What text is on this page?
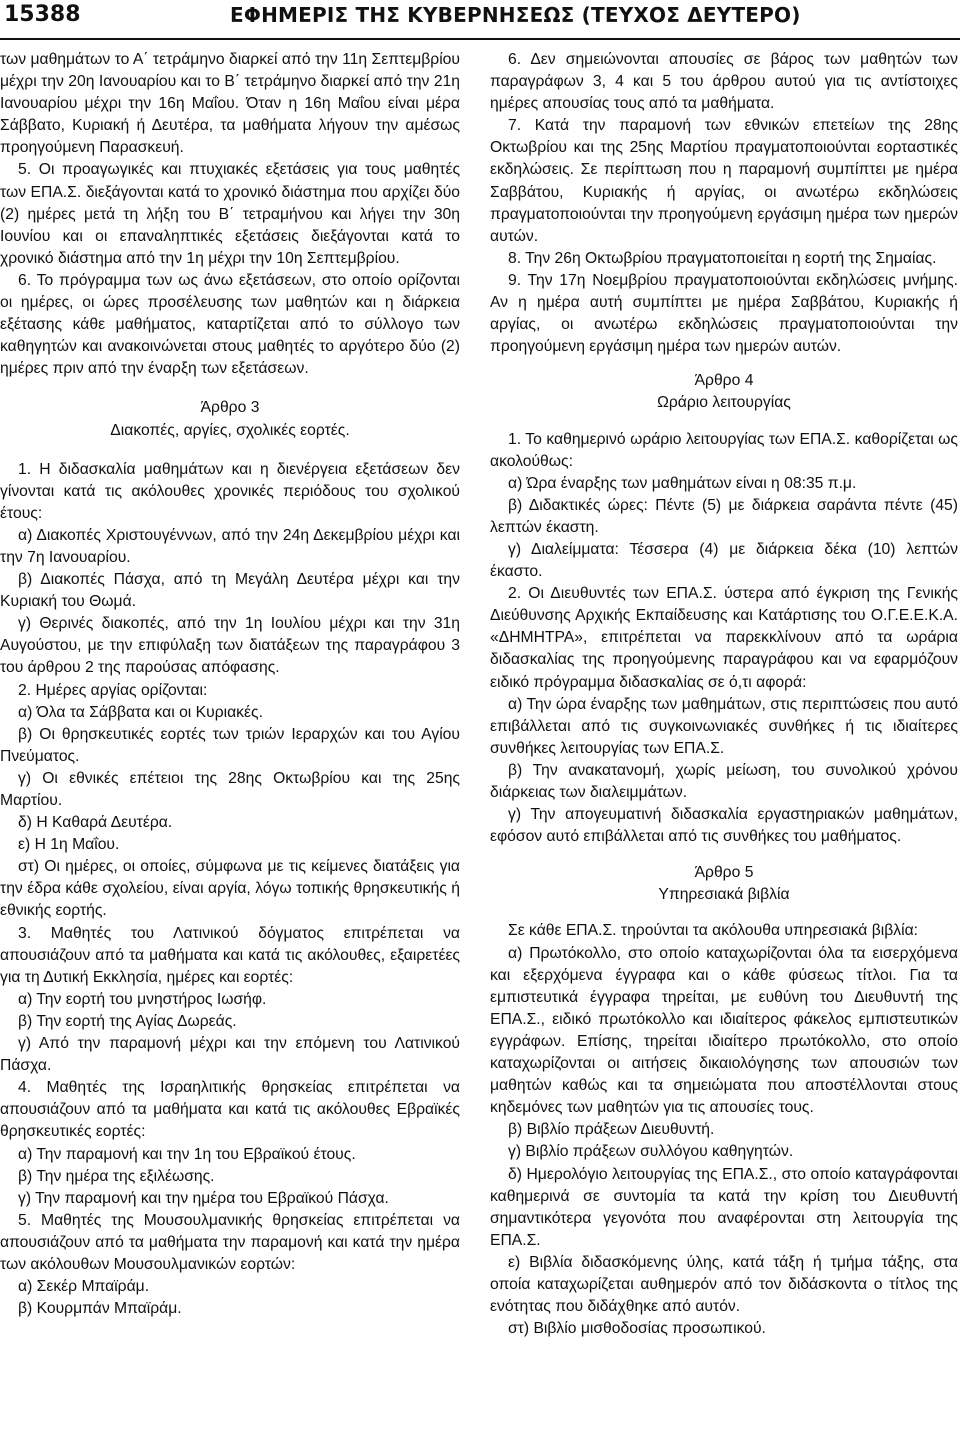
15388	ΕΦΗΜΕΡΙΣ ΤΗΣ ΚΥΒΕΡΝΗΣΕΩΣ (ΤΕΥΧΟΣ ΔΕΥΤΕΡΟ)

των μαθημάτων το Α΄ τετράμηνο διαρκεί από την 11η Σεπτεμβρίου μέχρι την 20η Ιανουαρίου και το Β΄ τετράμηνο διαρκεί από την 21η Ιανουαρίου μέχρι την 16η Μαΐου. Όταν η 16η Μαΐου είναι μέρα Σάββατο, Κυριακή ή Δευτέρα, τα μαθήματα λήγουν την αμέσως προηγούμενη Παρασκευή.

5. Οι προαγωγικές και πτυχιακές εξετάσεις για τους μαθητές των ΕΠΑ.Σ. διεξάγονται κατά το χρονικό διάστημα που αρχίζει δύο (2) ημέρες μετά τη λήξη του Β΄ τετραμήνου και λήγει την 30η Ιουνίου και οι επαναληπτικές εξετάσεις διεξάγονται κατά το χρονικό διάστημα από την 1η μέχρι την 10η Σεπτεμβρίου.

6. Το πρόγραμμα των ως άνω εξετάσεων, στο οποίο ορίζονται οι ημέρες, οι ώρες προσέλευσης των μαθητών και η διάρκεια εξέτασης κάθε μαθήματος, καταρτίζεται από το σύλλογο των καθηγητών και ανακοινώνεται στους μαθητές το αργότερο δύο (2) ημέρες πριν από την έναρξη των εξετάσεων.

Άρθρο 3

Διακοπές, αργίες, σχολικές εορτές.

1. Η διδασκαλία μαθημάτων και η διενέργεια εξετάσεων δεν γίνονται κατά τις ακόλουθες χρονικές περιόδους του σχολικού έτους:

α) Διακοπές Χριστουγέννων, από την 24η Δεκεμβρίου μέχρι και την 7η Ιανουαρίου.

β) Διακοπές Πάσχα, από τη Μεγάλη Δευτέρα μέχρι και την Κυριακή του Θωμά.

γ) Θερινές διακοπές, από την 1η Ιουλίου μέχρι και την 31η Αυγούστου, με την επιφύλαξη των διατάξεων της παραγράφου 3 του άρθρου 2 της παρούσας απόφασης.

2. Ημέρες αργίας ορίζονται:

α) Όλα τα Σάββατα και οι Κυριακές.

β) Οι θρησκευτικές εορτές των τριών Ιεραρχών και του Αγίου Πνεύματος.

γ) Οι εθνικές επέτειοι της 28ης Οκτωβρίου και της 25ης Μαρτίου.

δ) Η Καθαρά Δευτέρα.

ε) Η 1η Μαΐου.

στ) Οι ημέρες, οι οποίες, σύμφωνα με τις κείμενες διατάξεις για την έδρα κάθε σχολείου, είναι αργία, λόγω τοπικής θρησκευτικής ή εθνικής εορτής.

3. Μαθητές του Λατινικού δόγματος επιτρέπεται να απουσιάζουν από τα μαθήματα και κατά τις ακόλουθες, εξαιρετέες για τη Δυτική Εκκλησία, ημέρες και εορτές:

α) Την εορτή του μνηστήρος Ιωσήφ.

β) Την εορτή της Αγίας Δωρεάς.

γ) Από την παραμονή μέχρι και την επόμενη του Λατινικού Πάσχα.

4. Μαθητές της Ισραηλιτικής θρησκείας επιτρέπεται να απουσιάζουν από τα μαθήματα και κατά τις ακόλουθες Εβραϊκές θρησκευτικές εορτές:

α) Την παραμονή και την 1η του Εβραϊκού έτους.

β) Την ημέρα της εξιλέωσης.

γ) Την παραμονή και την ημέρα του Εβραϊκού Πάσχα.

5. Μαθητές της Μουσουλμανικής θρησκείας επιτρέπεται να απουσιάζουν από τα μαθήματα την παραμονή και κατά την ημέρα των ακόλουθων Μουσουλμανικών εορτών:

α) Σεκέρ Μπαϊράμ.

β) Κουρμπάν Μπαϊράμ.

6. Δεν σημειώνονται απουσίες σε βάρος των μαθητών των παραγράφων 3, 4 και 5 του άρθρου αυτού για τις αντίστοιχες ημέρες απουσίας τους από τα μαθήματα.

7. Κατά την παραμονή των εθνικών επετείων της 28ης Οκτωβρίου και της 25ης Μαρτίου πραγματοποιούνται εορταστικές εκδηλώσεις. Σε περίπτωση που η παραμονή συμπίπτει με ημέρα Σαββάτου, Κυριακής ή αργίας, οι ανωτέρω εκδηλώσεις πραγματοποιούνται την προηγούμενη εργάσιμη ημέρα των ημερών αυτών.

8. Την 26η Οκτωβρίου πραγματοποιείται η εορτή της Σημαίας.

9. Την 17η Νοεμβρίου πραγματοποιούνται εκδηλώσεις μνήμης. Αν η ημέρα αυτή συμπίπτει με ημέρα Σαββάτου, Κυριακής ή αργίας, οι ανωτέρω εκδηλώσεις πραγματοποιούνται την προηγούμενη εργάσιμη ημέρα των ημερών αυτών.

Άρθρο 4

Ωράριο λειτουργίας

1. Το καθημερινό ωράριο λειτουργίας των ΕΠΑ.Σ. καθορίζεται ως ακολούθως:

α) Ώρα έναρξης των μαθημάτων είναι η 08:35 π.μ.

β) Διδακτικές ώρες: Πέντε (5) με διάρκεια σαράντα πέντε (45) λεπτών έκαστη.

γ) Διαλείμματα: Τέσσερα (4) με διάρκεια δέκα (10) λεπτών έκαστο.

2. Οι Διευθυντές των ΕΠΑ.Σ. ύστερα από έγκριση της Γενικής Διεύθυνσης Αρχικής Εκπαίδευσης και Κατάρτισης του Ο.Γ.Ε.Ε.Κ.Α. «ΔΗΜΗΤΡΑ», επιτρέπεται να παρεκκλίνουν από τα ωράρια διδασκαλίας της προηγούμενης παραγράφου και να εφαρμόζουν ειδικό πρόγραμμα διδασκαλίας σε ό,τι αφορά:

α) Την ώρα έναρξης των μαθημάτων, στις περιπτώσεις που αυτό επιβάλλεται από τις συγκοινωνιακές συνθήκες ή τις ιδιαίτερες συνθήκες λειτουργίας των ΕΠΑ.Σ.

β) Την ανακατανομή, χωρίς μείωση, του συνολικού χρόνου διάρκειας των διαλειμμάτων.

γ) Την απογευματινή διδασκαλία εργαστηριακών μαθημάτων, εφόσον αυτό επιβάλλεται από τις συνθήκες του μαθήματος.

Άρθρο 5

Υπηρεσιακά βιβλία

Σε κάθε ΕΠΑ.Σ. τηρούνται τα ακόλουθα υπηρεσιακά βιβλία:

α) Πρωτόκολλο, στο οποίο καταχωρίζονται όλα τα εισερχόμενα και εξερχόμενα έγγραφα και ο κάθε φύσεως τίτλοι. Για τα εμπιστευτικά έγγραφα τηρείται, με ευθύνη του Διευθυντή της ΕΠΑ.Σ., ειδικό πρωτόκολλο και ιδιαίτερος φάκελος εμπιστευτικών εγγράφων. Επίσης, τηρείται ιδιαίτερο πρωτόκολλο, στο οποίο καταχωρίζονται οι αιτήσεις δικαιολόγησης των απουσιών των μαθητών καθώς και τα σημειώματα που αποστέλλονται στους κηδεμόνες των μαθητών για τις απουσίες τους.

β) Βιβλίο πράξεων Διευθυντή.

γ) Βιβλίο πράξεων συλλόγου καθηγητών.

δ) Ημερολόγιο λειτουργίας της ΕΠΑ.Σ., στο οποίο καταγράφονται καθημερινά σε συντομία τα κατά την κρίση του Διευθυντή σημαντικότερα γεγονότα που αναφέρονται στη λειτουργία της ΕΠΑ.Σ.

ε) Βιβλία διδασκόμενης ύλης, κατά τάξη ή τμήμα τάξης, στα οποία καταχωρίζεται αυθημερόν από τον διδάσκοντα ο τίτλος της ενότητας που διδάχθηκε από αυτόν.

στ) Βιβλίο μισθοδοσίας προσωπικού.
